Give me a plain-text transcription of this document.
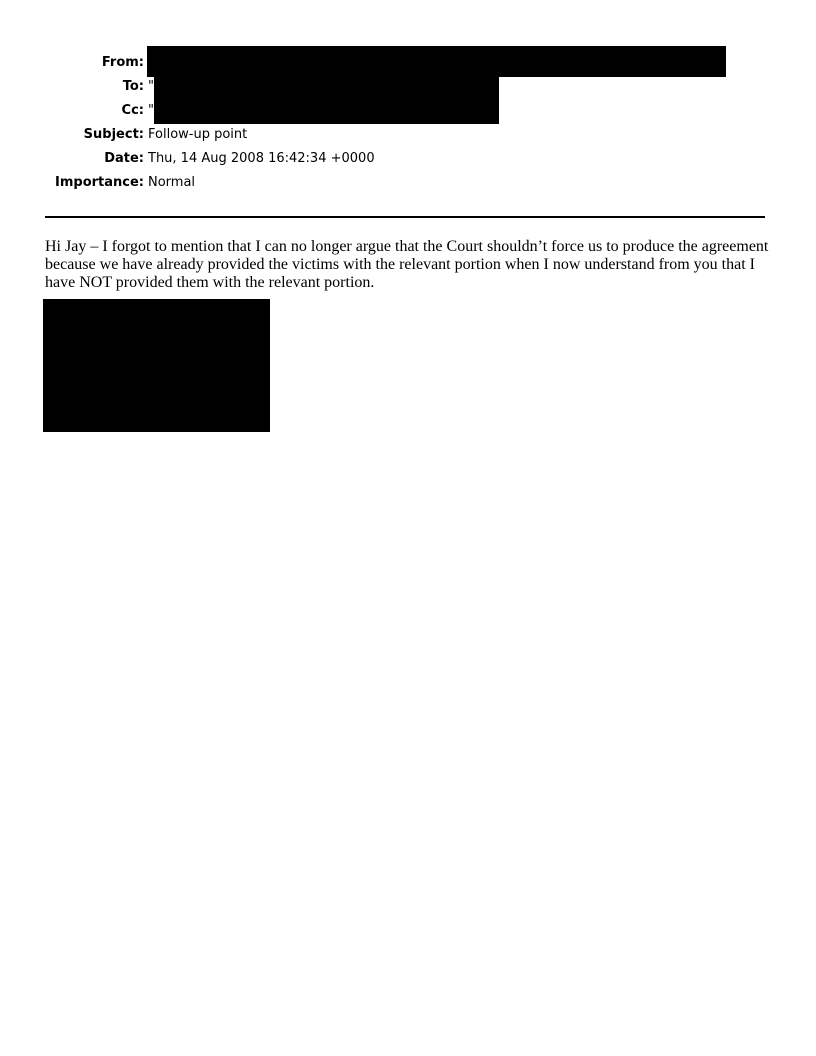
From:
To: "
Cc: "
Subject: Follow-up point
Date: Thu, 14 Aug 2008 16:42:34 +0000
Importance: Normal

Hi Jay – I forgot to mention that I can no longer argue that the Court shouldn’t force us to produce the agreement because we have already provided the victims with the relevant portion when I now understand from you that I have NOT provided them with the relevant portion.
